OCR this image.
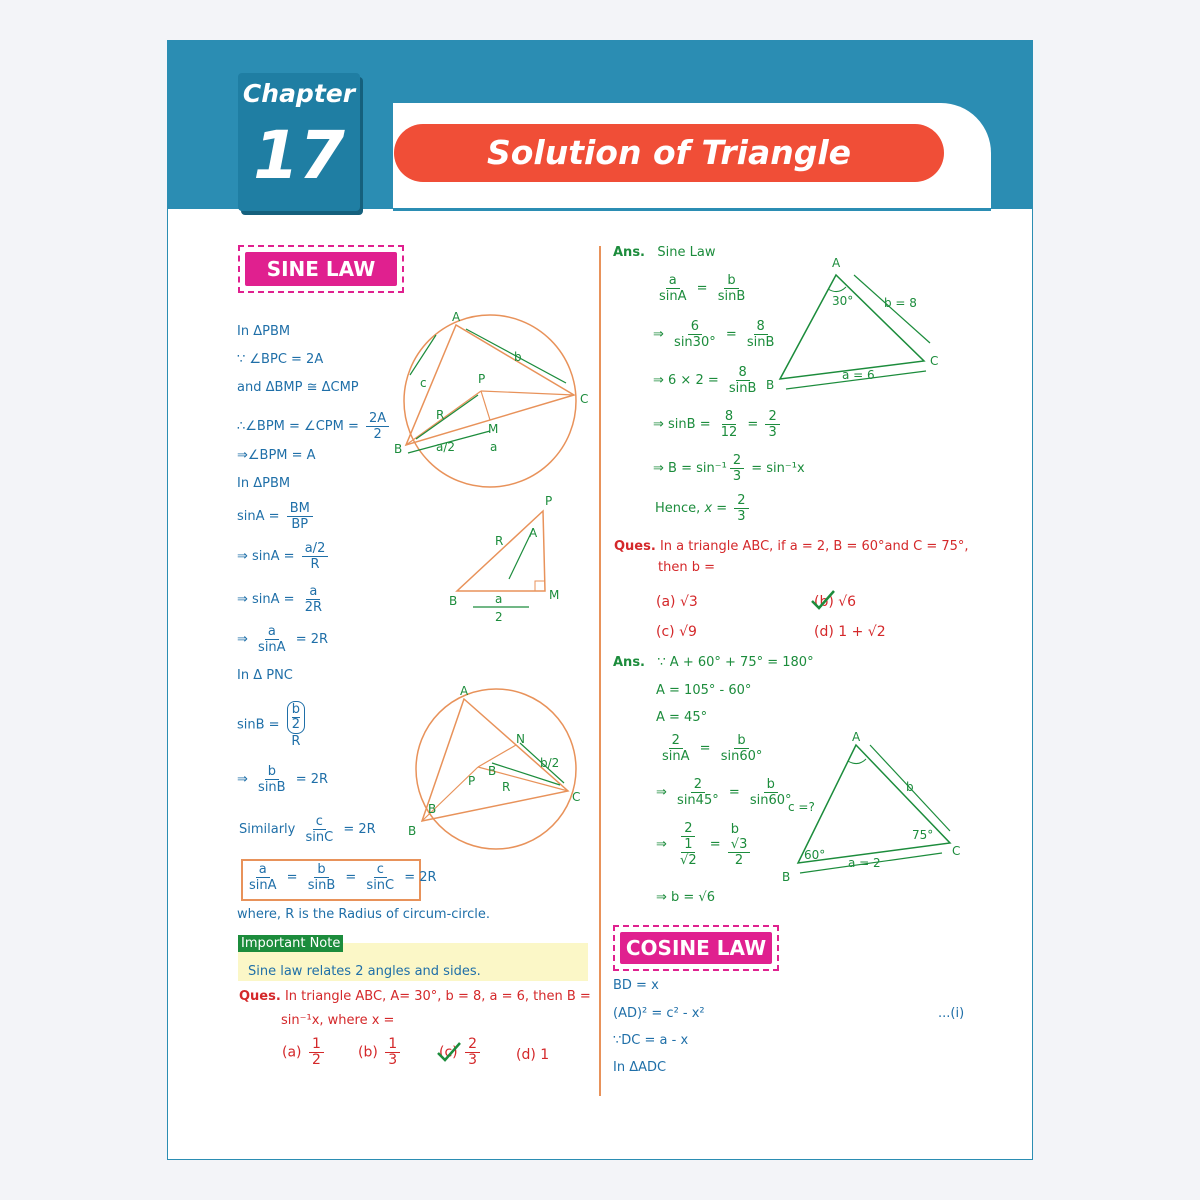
Chapter
17	Solution of Triangle
SINE LAW
In ΔPBM
∵ ∠BPC = 2A
and ΔBMP ≅ ΔCMP
∴∠BPM = ∠CPM = $\frac{2A}{2}$
⇒∠BPM = A
In ΔPBM
$\sin A = \frac{BM}{BP}$
⇒ $\sin A = \frac{a/2}{R}$
⇒ $\sin A = \frac{a}{2R}$
⇒ $\frac{a}{\sin A} = 2R$
In Δ PNC
sinB = b
2
R
⇒ $\frac{b}{\sin B} = 2R$
Similarly $\frac{c}{\sin C} = 2R$
$\frac{a}{\sin A} = \frac{b}{\sin B} = \frac{c}{\sin C} = 2R$
where, R is the Radius of circum-circle.
Important Note
Sine law relates 2 angles and sides.
Ques. In triangle ABC, A= 30°, b = 8, a = 6, then B =
sin⁻¹x, where x =
$(a) \frac{1}{2} (b) \frac{1}{3}$	$(c) \frac{2}{3}$	(d) 1
A
B
C
P
M
R
a/2	a
b
c
P
A
R
B	M
a
2
A
B
B
C
P
N
B
R
b/2
Ans. Sine Law
$\frac{a}{\sin A} = \frac{b}{\sin B}$
⇒ $\frac{6}{\sin 30^\circ} = \frac{8}{\sin B}$
⇒ $6 \times 2 = \frac{8}{\sin B}$
⇒ $\sin B = \frac{8}{12} = \frac{2}{3}$
⇒ $B = \sin^{-1} \frac{2}{3} = \sin^{-1}x$
Hence, $x = \frac{2}{3}$
A
B
C
30°	b = 8
a = 6
Ques. In a triangle ABC, if a = 2, B = 60°and C = 75°,
then b =
(a) √3	(b) √6
(c) √9	(d) 1 + √2
Ans. ∵ A + 60° + 75° = 180°
A = 105° - 60°
A = 45°
$\frac{2}{\sin A} = \frac{b}{\sin 60^\circ}$
⇒ $\frac{2}{\sin 45^\circ} = \frac{b}{\sin 60^\circ}$
⇒ $\frac{2}{\frac{1}{√2}}$ =
b
√3
2
⇒ b = √6
A
B
C
c =?
b
a = 2
60°
75°
COSINE LAW
BD = x
(AD)² = c² - x²	...(i)
∵DC = a - x
In ΔADC
